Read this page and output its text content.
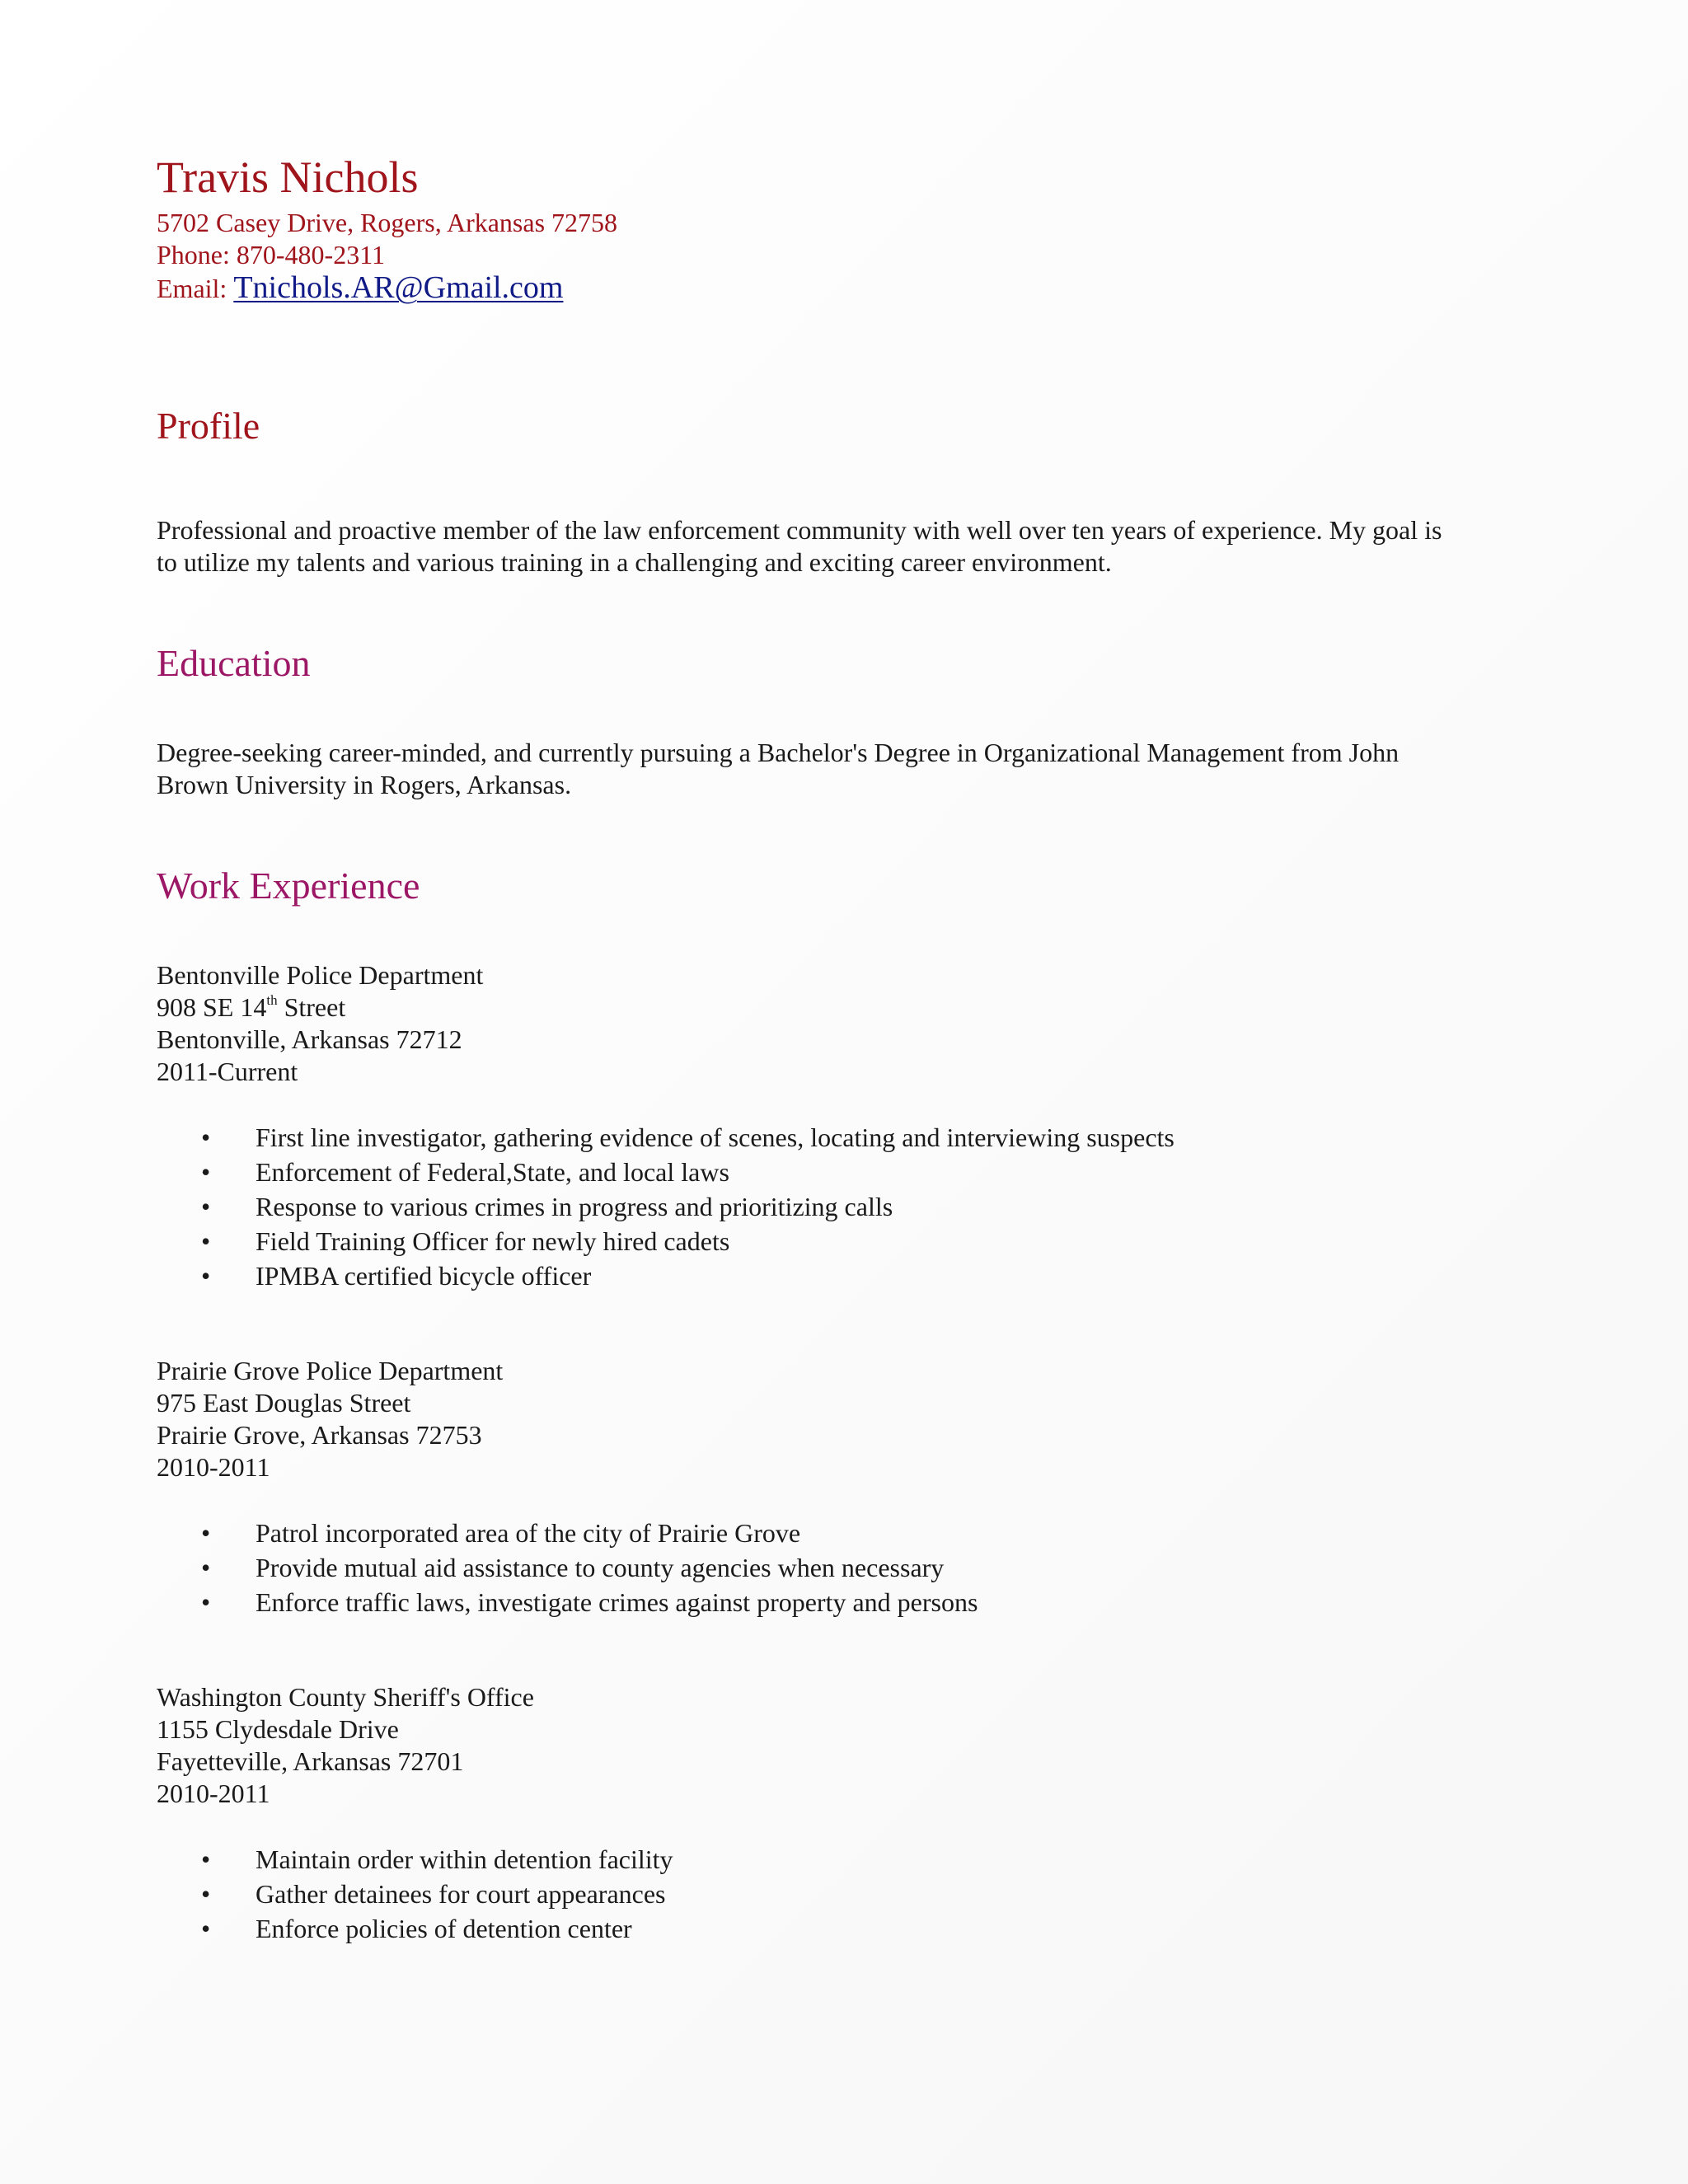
Travis Nichols
5702 Casey Drive, Rogers, Arkansas 72758
Phone: 870-480-2311
Email: Tnichols.AR@Gmail.com
Profile
Professional and proactive member of the law enforcement community with well over ten years of experience. My goal is
to utilize my talents and various training in a challenging and exciting career environment.
Education
Degree-seeking career-minded, and currently pursuing a Bachelor's Degree in Organizational Management from John
Brown University in Rogers, Arkansas.
Work Experience
Bentonville Police Department
908 SE 14th Street
Bentonville, Arkansas 72712
2011-Current
• First line investigator, gathering evidence of scenes, locating and interviewing suspects
• Enforcement of Federal,State, and local laws
• Response to various crimes in progress and prioritizing calls
• Field Training Officer for newly hired cadets
• IPMBA certified bicycle officer
Prairie Grove Police Department
975 East Douglas Street
Prairie Grove, Arkansas 72753
2010-2011
• Patrol incorporated area of the city of Prairie Grove
• Provide mutual aid assistance to county agencies when necessary
• Enforce traffic laws, investigate crimes against property and persons
Washington County Sheriff's Office
1155 Clydesdale Drive
Fayetteville, Arkansas 72701
2010-2011
• Maintain order within detention facility
• Gather detainees for court appearances
• Enforce policies of detention center
